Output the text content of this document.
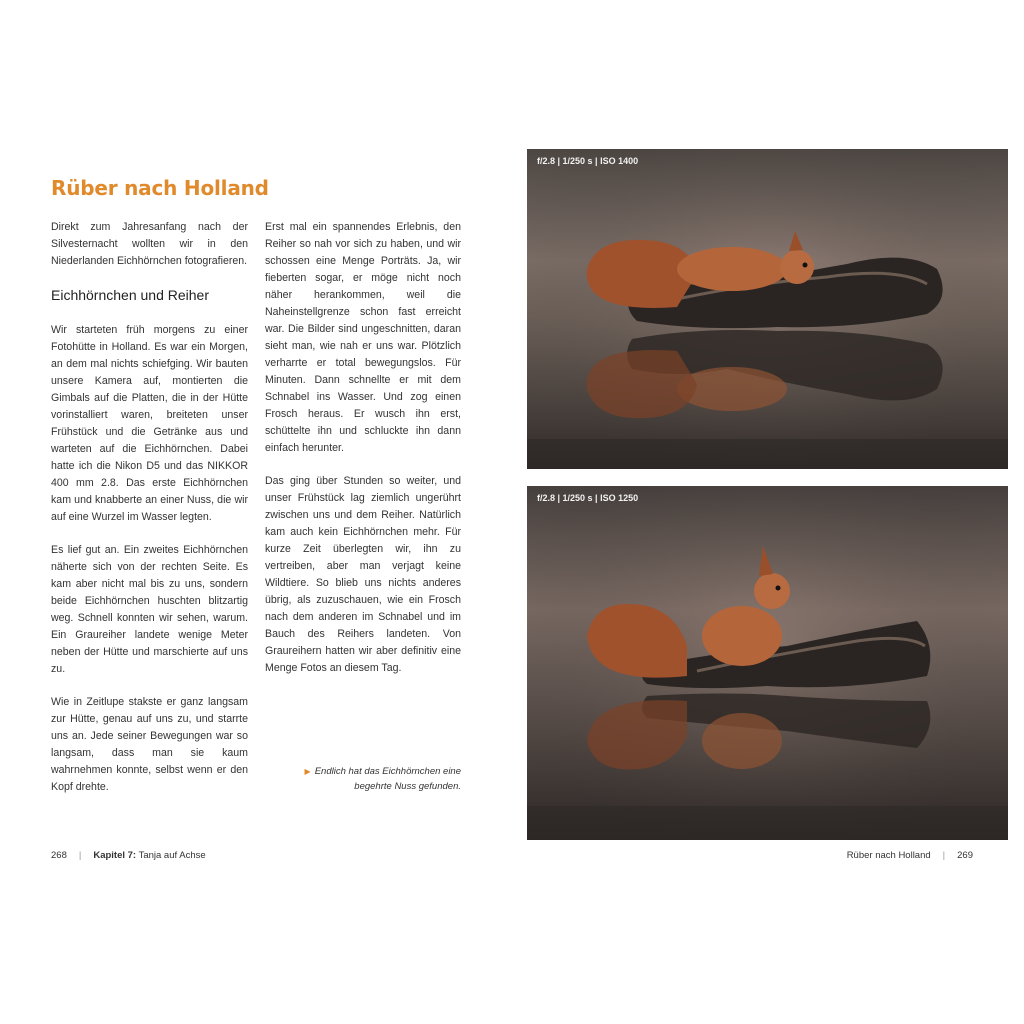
Rüber nach Holland

Direkt zum Jahresanfang nach der Silvesternacht wollten wir in den Niederlanden Eichhörnchen fotografieren.

Eichhörnchen und Reiher

Wir starteten früh morgens zu einer Fotohütte in Holland. Es war ein Morgen, an dem mal nichts schiefging. Wir bauten unsere Kamera auf, montierten die Gimbals auf die Platten, die in der Hütte vorinstalliert waren, breiteten unser Frühstück und die Getränke aus und warteten auf die Eichhörnchen. Dabei hatte ich die Nikon D5 und das NIKKOR 400 mm 2.8. Das erste Eichhörnchen kam und knabberte an einer Nuss, die wir auf eine Wurzel im Wasser legten.

Es lief gut an. Ein zweites Eichhörnchen näherte sich von der rechten Seite. Es kam aber nicht mal bis zu uns, sondern beide Eichhörnchen huschten blitzartig weg. Schnell konnten wir sehen, warum. Ein Graureiher landete wenige Meter neben der Hütte und marschierte auf uns zu.

Wie in Zeitlupe stakste er ganz langsam zur Hütte, genau auf uns zu, und starrte uns an. Jede seiner Bewegungen war so langsam, dass man sie kaum wahrnehmen konnte, selbst wenn er den Kopf drehte.

Erst mal ein spannendes Erlebnis, den Reiher so nah vor sich zu haben, und wir schossen eine Menge Porträts. Ja, wir fieberten sogar, er möge nicht noch näher herankommen, weil die Naheinstellgrenze schon fast erreicht war. Die Bilder sind ungeschnitten, daran sieht man, wie nah er uns war. Plötzlich verharrte er total bewegungslos. Für Minuten. Dann schnellte er mit dem Schnabel ins Wasser. Und zog einen Frosch heraus. Er wusch ihn erst, schüttelte ihn und schluckte ihn dann einfach herunter.

Das ging über Stunden so weiter, und unser Frühstück lag ziemlich ungerührt zwischen uns und dem Reiher. Natürlich kam auch kein Eichhörnchen mehr. Für kurze Zeit überlegten wir, ihn zu vertreiben, aber man verjagt keine Wildtiere. So blieb uns nichts anderes übrig, als zuzuschauen, wie ein Frosch nach dem anderen im Schnabel und im Bauch des Reihers landeten. Von Graureihern hatten wir aber definitiv eine Menge Fotos an diesem Tag.

▶ Endlich hat das Eichhörnchen eine begehrte Nuss gefunden.
f/2.8 | 1/250 s | ISO 1400
f/2.8 | 1/250 s | ISO 1250
268 | Kapitel 7: Tanja auf Achse	Rüber nach Holland | 269
